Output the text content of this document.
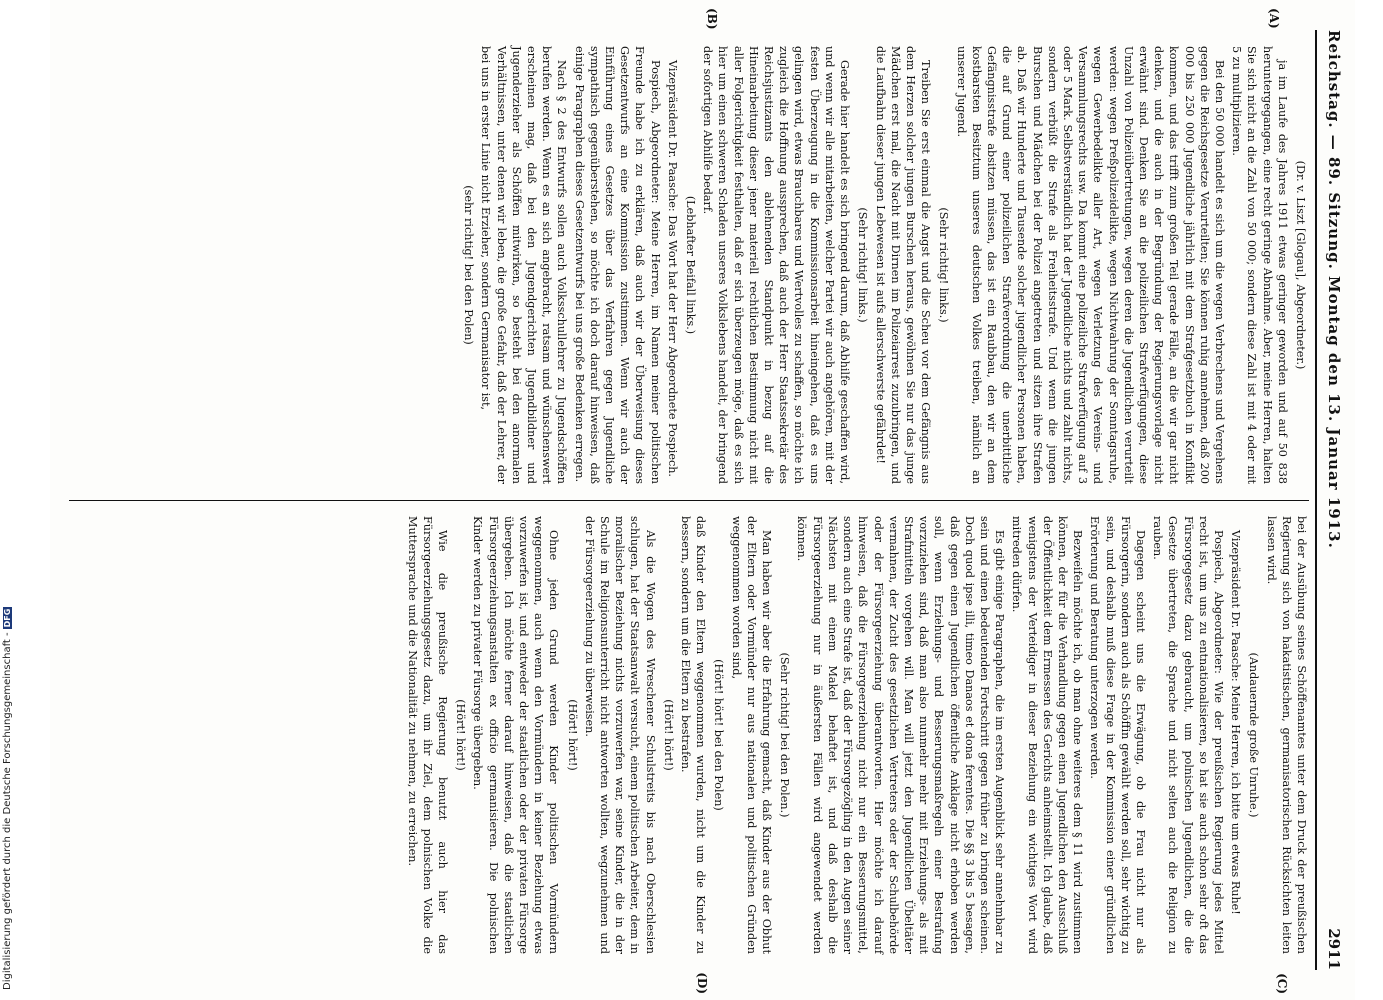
Digitalisierung gefördert durch die Deutsche Forschungsgemeinschaft -DFG
Reichstag. — 89. Sitzung. Montag den 13. Januar 1913.
2911
(A)
(B)

(Dr. v. Liszt [Glogau], Abgeordneter.)

ja im Laufe des Jahres 1911 etwas geringer geworden und auf 50 838 heruntergegangen, eine recht geringe Abnahme. Aber, meine Herren, halten Sie sich nicht an die Zahl von 50 000; sondern diese Zahl ist mit 4 oder mit 5 zu multiplizieren.

Bei den 50 000 handelt es sich um die wegen Verbrechens und Vergehens gegen die Reichsgesetze Verurteilten; Sie können ruhig annehmen, daß 200 000 bis 250 000 Jugendliche jährlich mit dem Strafgesetzbuch in Konflikt kommen, und das trifft zum großen Teil gerade Fälle, an die wir gar nicht denken, und die auch in der Begründung der Regierungsvorlage nicht erwähnt sind. Denken Sie an die polizeilichen Strafverfügungen, diese Unzahl von Polizeiübertretungen, wegen deren die Jugendlichen verurteilt werden: wegen Preßpolizeidelikte, wegen Nichtwahrung der Sonntagsruhe, wegen Gewerbedelikte aller Art, wegen Verletzung des Vereins- und Versammlungsrechts usw. Da kommt eine polizeiliche Strafverfügung auf 3 oder 5 Mark. Selbstverständlich hat der Jugendliche nichts und zahlt nichts, sondern verbüßt die Strafe als Freiheitsstrafe. Und wenn die jungen Burschen und Mädchen bei der Polizei angetreten und sitzen ihre Strafen ab. Daß wir Hunderte und Tausende solcher jugendlicher Personen haben, die auf Grund einer polizeilichen Strafverordnung die unerbittliche Gefängnisstrafe absitzen müssen, das ist ein Raubbau, den wir an dem kostbarsten Besitztum unseres deutschen Volkes treiben, nämlich an unserer Jugend.

(Sehr richtig! links.)

Treiben Sie erst einmal die Angst und die Scheu vor dem Gefängnis aus dem Herzen solcher jungen Burschen heraus, gewöhnen Sie nur das junge Mädchen erst mal, die Nacht mit Dirnen im Polizeiarrest zuzubringen, und die Laufbahn dieser jungen Lebewesen ist aufs allerschwerste gefährdet!

(Sehr richtig! links.)

Gerade hier handelt es sich bringend darum, daß Abhilfe geschaffen wird, und wenn wir alle mitarbeiten, welcher Partei wir auch angehören, mit der festen Überzeugung in die Kommissionsarbeit hineingehen, daß es uns gelingen wird, etwas Brauchbares und Wertvolles zu schaffen, so möchte ich zugleich die Hoffnung aussprechen, daß auch der Herr Staatssekretär des Reichsjustizamts den ablehnenden Standpunkt in bezug auf die Hineinarbeitung dieser jener materiell rechtlichen Bestimmung nicht mit aller Folgerichtigkeit festhalten, daß er sich überzeugen möge, daß es sich hier um einen schweren Schaden unseres Volkslebens handelt, der bringend der sofortigen Abhilfe bedarf.

(Lebhafter Beifall links.)

Vizepräsident Dr. Paasche: Das Wort hat der Herr Abgeordnete Pospiech.

Pospiech, Abgeordneter: Meine Herren, im Namen meiner politischen Freunde habe ich zu erklären, daß auch wir der Überweisung dieses Gesetzentwurfs an eine Kommission zustimmen. Wenn wir auch der Einführung eines Gesetzes über das Verfahren gegen Jugendliche sympathisch gegenüberstehen, so möchte ich doch darauf hinweisen, daß einige Paragraphen dieses Gesetzentwurfs bei uns große Bedenken erregen.

Nach § 2 des Entwurfs sollen auch Volksschullehrer zu Jugendschöffen berufen werden. Wenn es an sich angebracht, ratsam und wünschenswert erscheinen mag, daß bei den Jugendgerichten Jugendbildner und Jugenderzieher als Schöffen mitwirken, so besteht bei den anormalen Verhältnissen, unter denen wir leben, die große Gefahr, daß der Lehrer, der bei uns in erster Linie nicht Erzieher, sondern Germanisator ist,

(sehr richtig! bei den Polen)

(C)
(D)

bei der Ausübung seines Schöffenamtes unter dem Druck der preußischen Regierung sich von hakatistischen, germanisatorischen Rücksichten leiten lassen wird.

(Andauernde große Unruhe.)

Vizepräsident Dr. Paasche: Meine Herren, ich bitte um etwas Ruhe!

Pospiech, Abgeordneter: Wie der preußischen Regierung jedes Mittel recht ist, um uns zu entnationalisieren, so hat sie auch schon sehr oft das Fürsorgegesetz dazu gebraucht, um polnischen Jugendlichen, die die Gesetze übertreten, die Sprache und nicht selten auch die Religion zu rauben.

Dagegen scheint uns die Erwägung, ob die Frau nicht nur als Fürsorgerin, sondern auch als Schöffin gewählt werden soll, sehr wichtig zu sein, und deshalb muß diese Frage in der Kommission einer gründlichen Erörterung und Beratung unterzogen werden.

Bezweifeln möchte ich, ob man ohne weiteres dem § 11 wird zustimmen können, der für die Verhandlung gegen einen Jugendlichen den Ausschluß der Öffentlichkeit dem Ermessen des Gerichts anheimstellt. Ich glaube, daß wenigstens der Verteidiger in dieser Beziehung ein wichtiges Wort wird mitreden dürfen.

Es gibt einige Paragraphen, die im ersten Augenblick sehr annehmbar zu sein und einen bedeutenden Fortschritt gegen früher zu bringen scheinen. Doch quod ipse illi, timeo Danaos et dona ferentes. Die §§ 3 bis 5 besagen, daß gegen einen Jugendlichen öffentliche Anklage nicht erhoben werden soll, wenn Erziehungs- und Besserungsmaßregeln einer Bestrafung vorzuziehen sind, daß man also nunmehr mehr mit Erziehungs- als mit Strafmitteln vorgehen will. Man will jetzt den Jugendlichen Übeltäter vermahnen, der Zucht des gesetzlichen Vertreters oder der Schulbehörde oder der Fürsorgeerziehung überantworten. Hier möchte ich darauf hinweisen, daß die Fürsorgeerziehung nicht nur ein Besserungsmittel, sondern auch eine Strafe ist, daß der Fürsorgezögling in den Augen seiner Nächsten mit einem Makel behaftet ist, und daß deshalb die Fürsorgeerziehung nur in äußersten Fällen wird angewendet werden können.

(Sehr richtig! bei den Polen.)

Man haben wir aber die Erfahrung gemacht, daß Kinder aus der Obhut der Eltern oder Vormünder nur aus nationalen und politischen Gründen weggenommen worden sind,

(Hört! hört! bei den Polen)

daß Kinder den Eltern weggenommen wurden, nicht um die Kinder zu bessern, sondern um die Eltern zu bestrafen.

(Hört! hört!)

Als die Wogen des Wreschener Schulstreits bis nach Oberschlesien schlugen, hat der Staatsanwalt versucht, einem politischen Arbeiter, dem in moralischer Beziehung nichts vorzuwerfen war, seine Kinder, die in der Schule im Religionsunterricht nicht antworten wollten, wegzunehmen und der Fürsorgeerziehung zu überweisen.

(Hört! hört!)

Ohne jeden Grund werden Kinder politischen Vormündern weggenommen, auch wenn den Vormündern in keiner Beziehung etwas vorzuwerfen ist, und entweder der staatlichen oder der privaten Fürsorge übergeben. Ich möchte ferner darauf hinweisen, daß die staatlichen Fürsorgeerziehungsanstalten ex officio germanisieren. Die polnischen Kinder werden zu privater Fürsorge übergeben.

(Hört! hört!)

Wie die preußische Regierung benutzt auch hier das Fürsorgeerziehungsgesetz dazu, um ihr Ziel, dem polnischen Volke die Muttersprache und die Nationalität zu nehmen, zu erreichen.
